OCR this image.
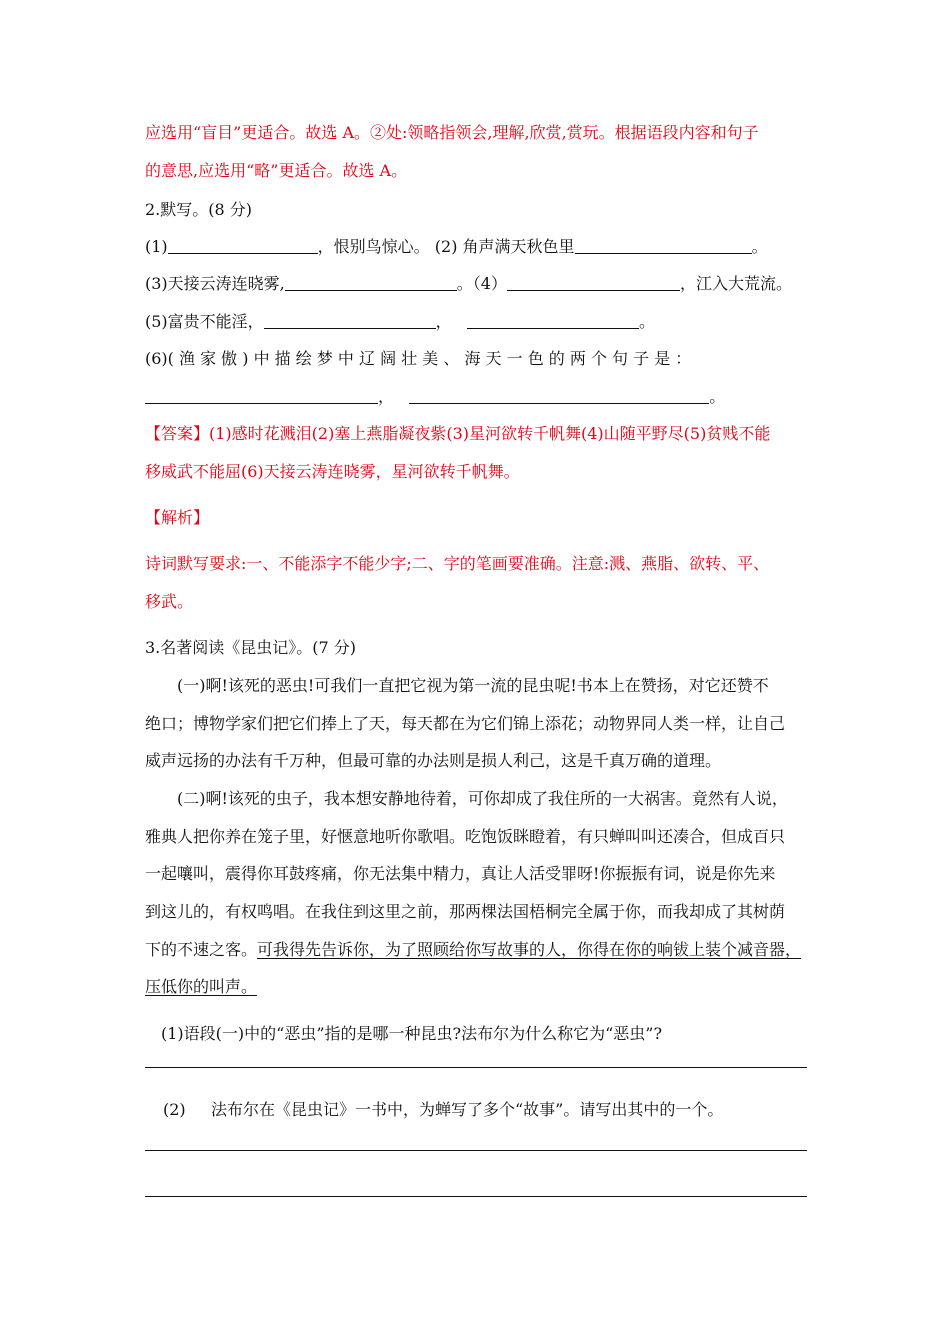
应选用“盲目”更适合。故选 A。②处:领略指领会,理解,欣赏,赏玩。根据语段内容和句子
的意思,应选用“略”更适合。故选 A。
2.默写。(8 分)
(1)	，恨别鸟惊心。 (2) 角声满天秋色里	。
(3)天接云涛连晓雾,	。（4）	，江入大荒流。
(5)富贵不能淫，	，	。
(6)( 渔 家 傲 ) 中 描 绘 梦 中 辽 阔 壮 美 、 海 天 一 色 的 两 个 句 子 是 ：
，	。
【答案】(1)感时花溅泪(2)塞上燕脂凝夜紫(3)星河欲转千帆舞(4)山随平野尽(5)贫贱不能
移威武不能屈(6)天接云涛连晓雾，星河欲转千帆舞。
【解析】
诗词默写要求:一、不能添字不能少字;二、字的笔画要准确。注意:溅、燕脂、欲转、平、
移武。
3.名著阅读《昆虫记》。(7 分)
(一)啊!该死的恶虫!可我们一直把它视为第一流的昆虫呢!书本上在赞扬，对它还赞不
绝口；博物学家们把它们捧上了天，每天都在为它们锦上添花；动物界同人类一样，让自己
威声远扬的办法有千万种，但最可靠的办法则是损人利己，这是千真万确的道理。
(二)啊!该死的虫子，我本想安静地待着，可你却成了我住所的一大祸害。竟然有人说，
雅典人把你养在笼子里，好惬意地听你歌唱。吃饱饭眯瞪着，有只蝉叫叫还凑合，但成百只
一起嚷叫，震得你耳鼓疼痛，你无法集中精力，真让人活受罪呀!你振振有词，说是你先来
到这儿的，有权鸣唱。在我住到这里之前，那两棵法国梧桐完全属于你，而我却成了其树荫
下的不速之客。可我得先告诉你，为了照顾给你写故事的人，你得在你的响钹上装个减音器，
压低你的叫声。
(1)语段(一)中的“恶虫”指的是哪一种昆虫?法布尔为什么称它为“恶虫”?
(2) 法布尔在《昆虫记》一书中，为蝉写了多个“故事”。请写出其中的一个。
